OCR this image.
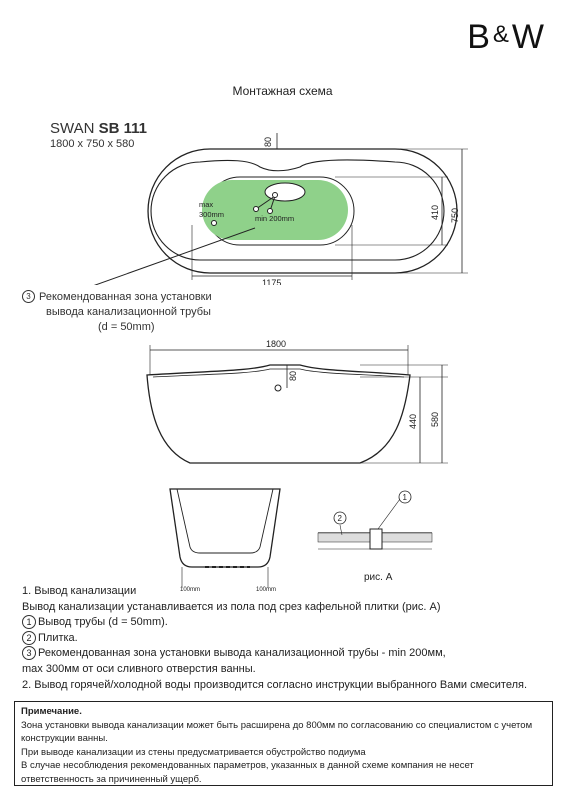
B&W
Монтажная схема
SWAN SB 111
1800 x 750 x 580
max
300mm	min 200mm
80
410 750
1175
3 Рекомендованная зона установки
вывода канализационной трубы
(d = 50mm)
1800
80
440 580
100mm	100mm
1
2
рис. А
1. Вывод канализации
Вывод канализации устанавливается из пола под срез кафельной плитки (рис. А)
1 Вывод трубы (d = 50mm).
2 Плитка.
3 Рекомендованная зона установки вывода канализационной трубы - min 200мм,
max 300мм от оси сливного отверстия ванны.
2. Вывод горячей/холодной воды производится согласно инструкции выбранного Вами смесителя.
Примечание.
Зона установки вывода канализации может быть расширена до 800мм по согласованию со специалистом с учетом конструкции ванны.
При выводе канализации из стены предусматривается обустройство подиума
В случае несоблюдения рекомендованных параметров, указанных в данной схеме компания не несет ответственность за причиненный ущерб.
